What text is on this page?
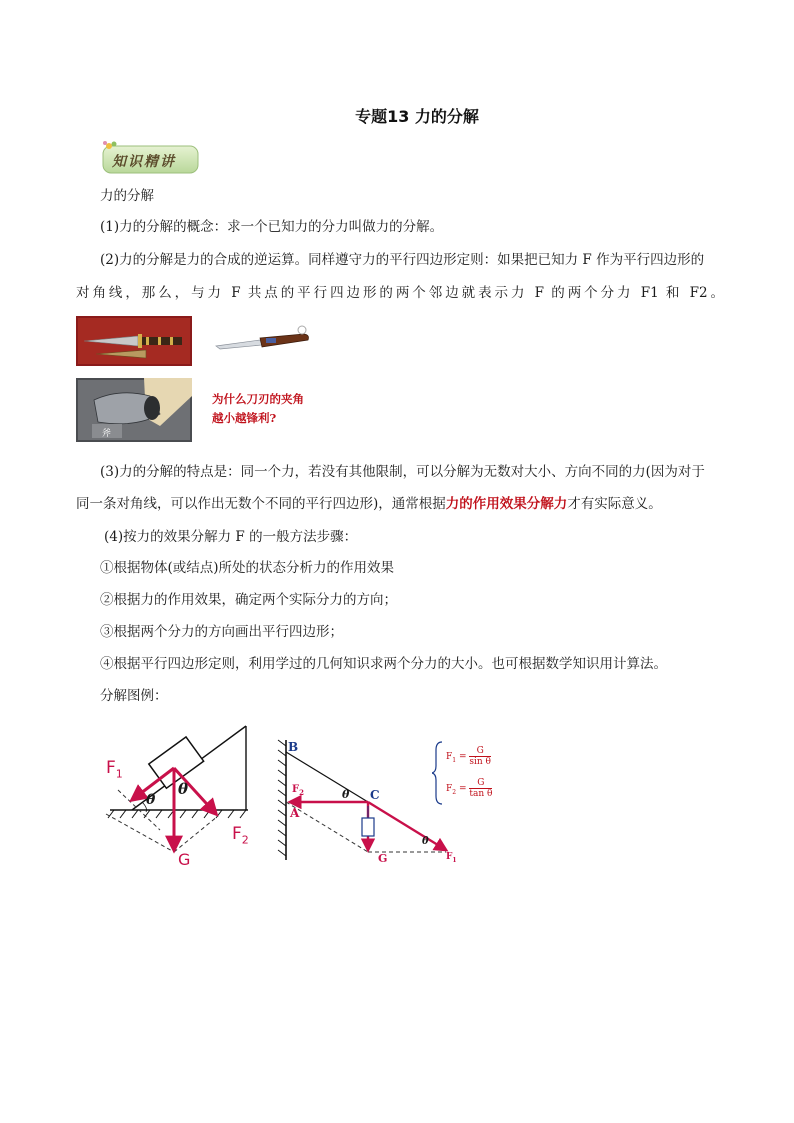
专题13 力的分解
知识精讲
力的分解
(1)力的分解的概念：求一个已知力的分力叫做力的分解。
(2)力的分解是力的合成的逆运算。同样遵守力的平行四边形定则：如果把已知力 F 作为平行四边形的
对角线，那么，与力 F 共点的平行四边形的两个邻边就表示力 F 的两个分力 F1 和 F2。
斧
为什么刀刃的夹角
越小越锋利?
(3)力的分解的特点是：同一个力，若没有其他限制，可以分解为无数对大小、方向不同的力(因为对于
同一条对角线，可以作出无数个不同的平行四边形)，通常根据力的作用效果分解力才有实际意义。
(4)按力的效果分解力 F 的一般方法步骤：
①根据物体(或结点)所处的状态分析力的作用效果
②根据力的作用效果，确定两个实际分力的方向；
③根据两个分力的方向画出平行四边形；
④根据平行四边形定则，利用学过的几何知识求两个分力的大小。也可根据数学知识用计算法。
分解图例：
$F_1$
$F_2$
G
θ
θ
B
C
A
$F_2$
G	$F_1$
θ
θ
$F_1 = \frac{G}{\text{sin θ}}$
$F_2 = \frac{G}{\text{tan θ}}$
